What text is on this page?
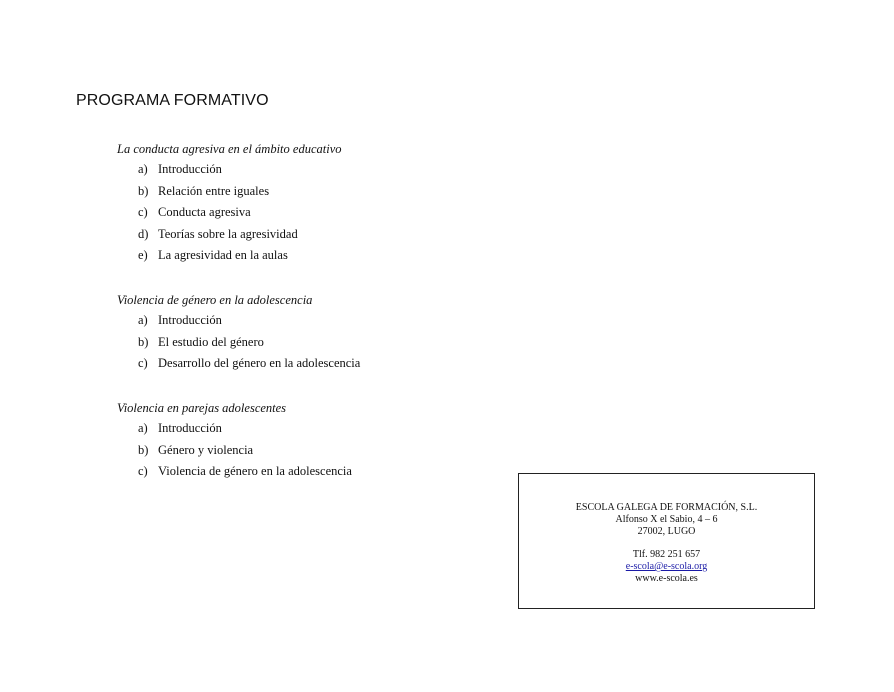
PROGRAMA FORMATIVO
La conducta agresiva en el ámbito educativo
a) Introducción
b) Relación entre iguales
c) Conducta agresiva
d) Teorías sobre la agresividad
e) La agresividad en la aulas
Violencia de género en la adolescencia
a) Introducción
b) El estudio del género
c) Desarrollo del género en la adolescencia
Violencia en parejas adolescentes
a) Introducción
b) Género y violencia
c) Violencia de género en la adolescencia
ESCOLA GALEGA DE FORMACIÓN, S.L.
Alfonso X el Sabio, 4 – 6
27002, LUGO
Tlf. 982 251 657
e-scola@e-scola.org
www.e-scola.es
